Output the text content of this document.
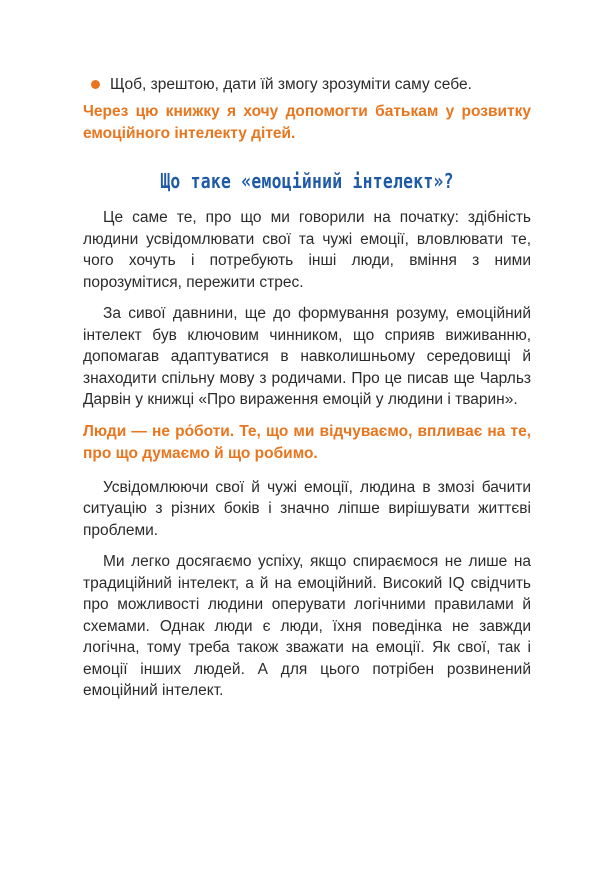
Щоб, зрештою, дати їй змогу зрозуміти саму себе.

Через цю книжку я хочу допомогти батькам у розвитку емоційного інтелекту дітей.

Що таке «емоційний інтелект»?

Це саме те, про що ми говорили на початку: здібність людини усвідомлювати свої та чужі емоції, вловлювати те, чого хочуть і потребують інші люди, вміння з ними порозумітися, пережити стрес.

За сивої давнини, ще до формування розуму, емоційний інтелект був ключовим чинником, що сприяв виживанню, допомагав адаптуватися в навколишньому середовищі й знаходити спільну мову з родичами. Про це писав ще Чарльз Дарвін у книжці «Про вираження емоцій у людини і тварин».

Люди — не ро́боти. Те, що ми відчуваємо, впливає на те, про що думаємо й що робимо.

Усвідомлюючи свої й чужі емоції, людина в змозі бачити ситуацію з різних боків і значно ліпше вирішувати життєві проблеми.

Ми легко досягаємо успіху, якщо спираємося не лише на традиційний інтелект, а й на емоційний. Високий IQ свідчить про можливості людини оперувати логічними правилами й схемами. Однак люди є люди, їхня поведінка не завжди логічна, тому треба також зважати на емоції. Як свої, так і емоції інших людей. А для цього потрібен розвинений емоційний інтелект.
